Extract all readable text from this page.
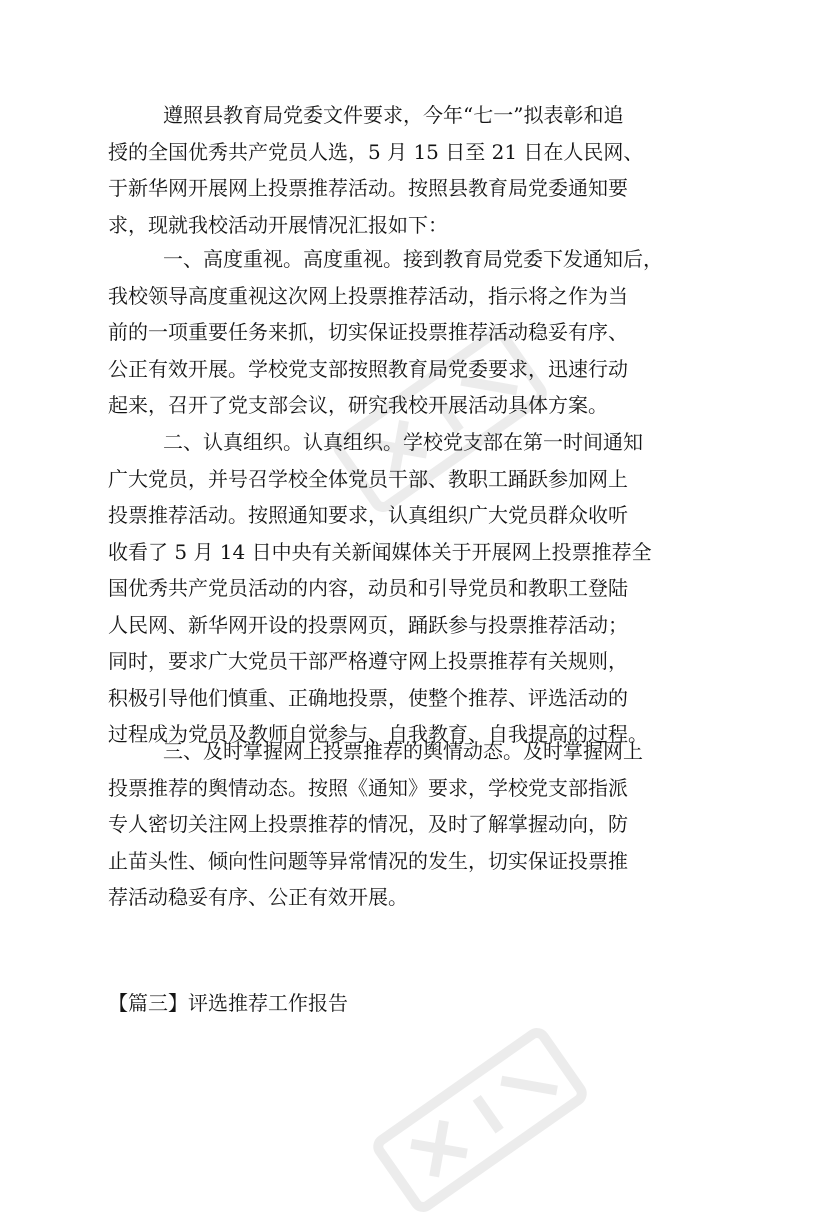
遵照县教育局党委文件要求，今年“七一”拟表彰和追
授的全国优秀共产党员人选，5 月 15 日至 21 日在人民网、
于新华网开展网上投票推荐活动。按照县教育局党委通知要
求，现就我校活动开展情况汇报如下：

一、高度重视。高度重视。接到教育局党委下发通知后，
我校领导高度重视这次网上投票推荐活动，指示将之作为当
前的一项重要任务来抓，切实保证投票推荐活动稳妥有序、
公正有效开展。学校党支部按照教育局党委要求，迅速行动
起来，召开了党支部会议，研究我校开展活动具体方案。

二、认真组织。认真组织。学校党支部在第一时间通知
广大党员，并号召学校全体党员干部、教职工踊跃参加网上
投票推荐活动。按照通知要求，认真组织广大党员群众收听
收看了 5 月 14 日中央有关新闻媒体关于开展网上投票推荐全
国优秀共产党员活动的内容，动员和引导党员和教职工登陆
人民网、新华网开设的投票网页，踊跃参与投票推荐活动；
同时，要求广大党员干部严格遵守网上投票推荐有关规则，
积极引导他们慎重、正确地投票，使整个推荐、评选活动的
过程成为党员及教师自觉参与、自我教育、自我提高的过程。

三、及时掌握网上投票推荐的舆情动态。及时掌握网上
投票推荐的舆情动态。按照《通知》要求，学校党支部指派
专人密切关注网上投票推荐的情况，及时了解掌握动向，防
止苗头性、倾向性问题等异常情况的发生，切实保证投票推
荐活动稳妥有序、公正有效开展。

【篇三】评选推荐工作报告
